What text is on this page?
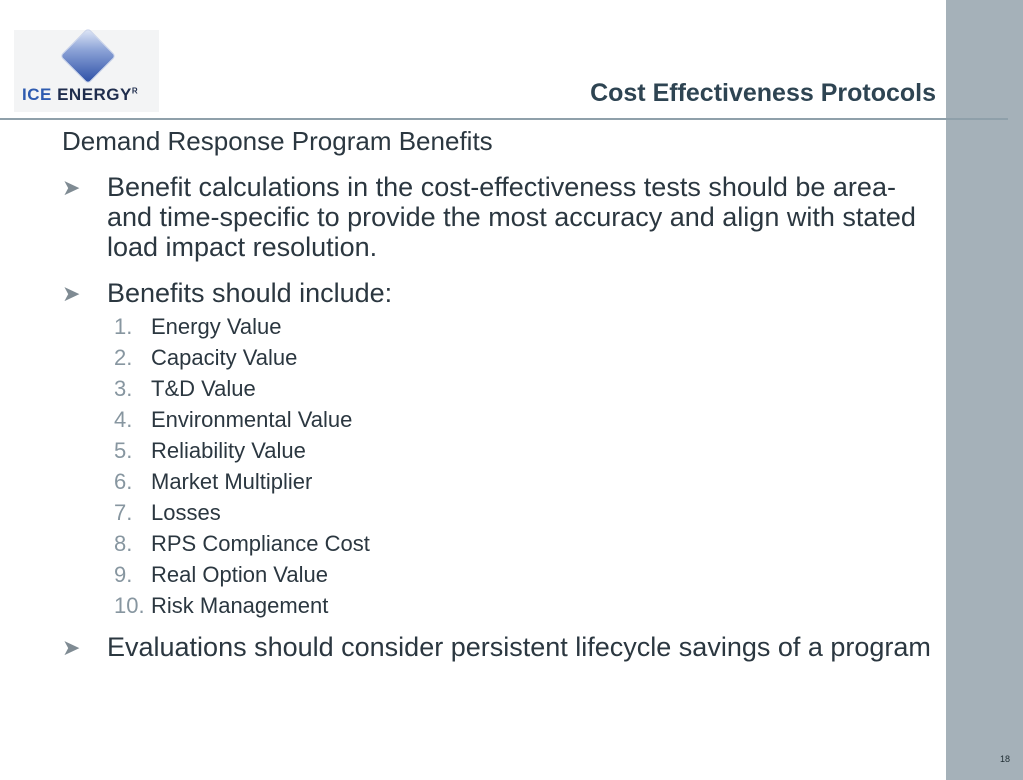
ICE $ENERGY^R$	Cost Effectiveness Protocols
Demand Response Program Benefits
➤ Benefit calculations in the cost-effectiveness tests should be area- and time-specific to provide the most accuracy and align with stated load impact resolution.
➤ Benefits should include:
1. Energy Value
2. Capacity Value
3. T&D Value
4. Environmental Value
5. Reliability Value
6. Market Multiplier
7. Losses
8. RPS Compliance Cost
9. Real Option Value
10. Risk Management
➤ Evaluations should consider persistent lifecycle savings of a program
18
